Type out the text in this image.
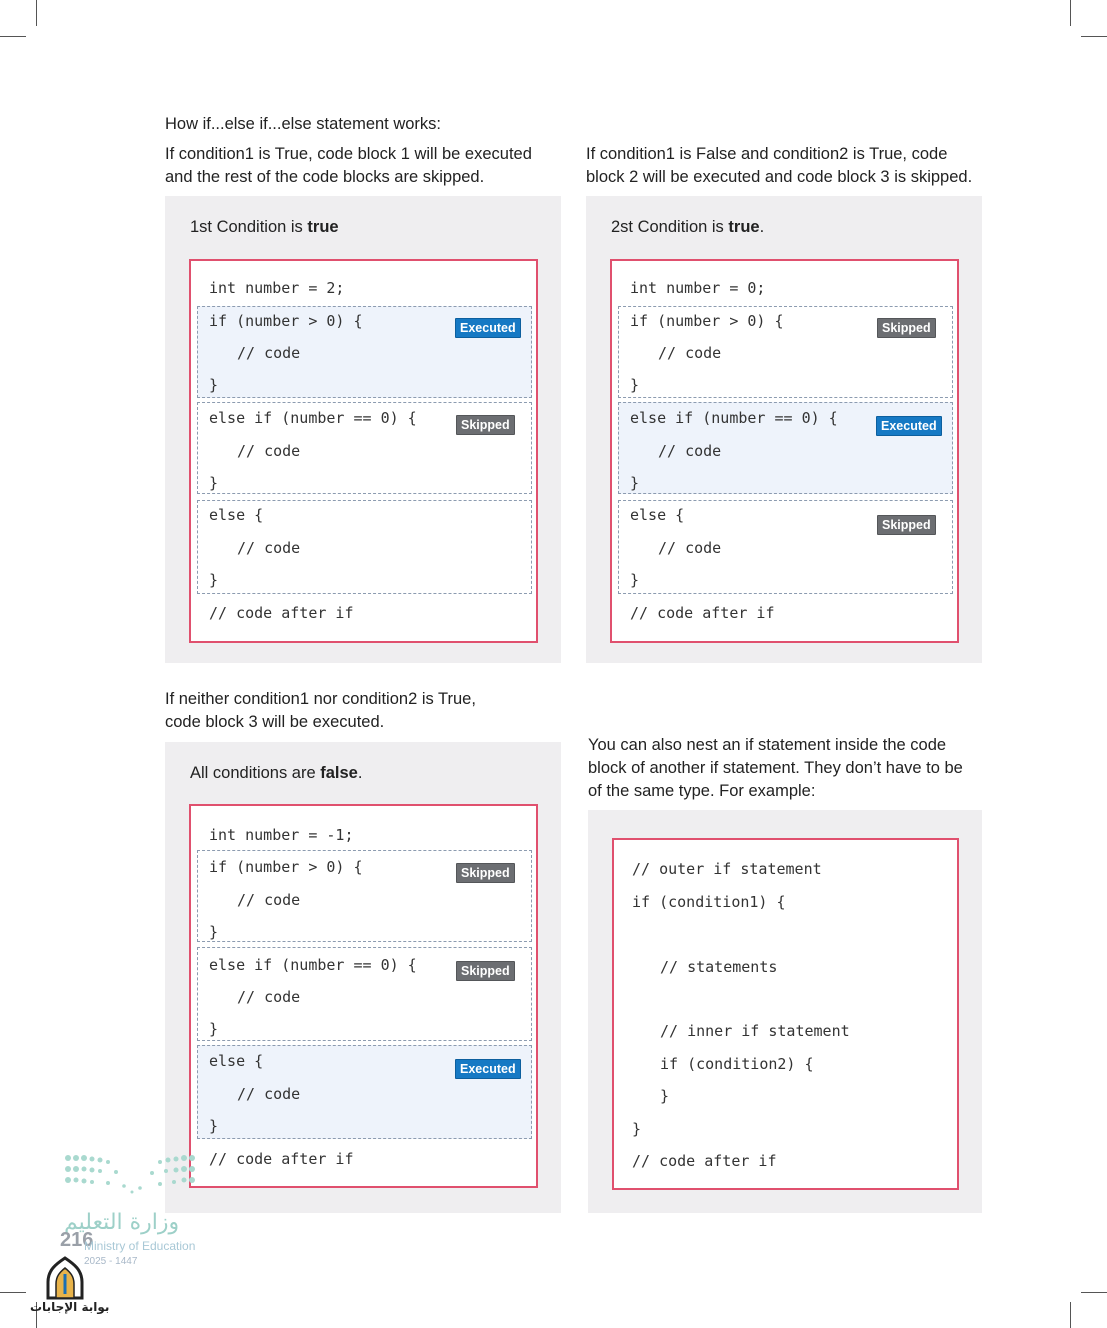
How if...else if...else statement works:
If condition1 is True, code block 1 will be executed
and the rest of the code blocks are skipped.
If condition1 is False and condition2 is True, code
block 2 will be executed and code block 3 is skipped.
If neither condition1 nor condition2 is True,
code block 3 will be executed.
You can also nest an if statement inside the code
block of another if statement. They don’t have to be
of the same type. For example:
1st Condition is true
int number = 2;
if (number > 0) {
// code
}
else if (number == 0) {
// code
}
else {
// code
}
// code after if
Executed
Skipped
2st Condition is true.
int number = 0;
if (number > 0) {
// code
}
else if (number == 0) {
// code
}
else {
// code
}
// code after if
Skipped
Executed
Skipped
All conditions are false.
int number = -1;
if (number > 0) {
// code
}
else if (number == 0) {
// code
}
else {
// code
}
// code after if
Skipped
Skipped
Executed
// outer if statement
if (condition1) {
// statements
// inner if statement
if (condition2) {
}
}
// code after if
وزارة التعليم
216
Ministry of Education
2025 - 1447
بوابة الإجابات
